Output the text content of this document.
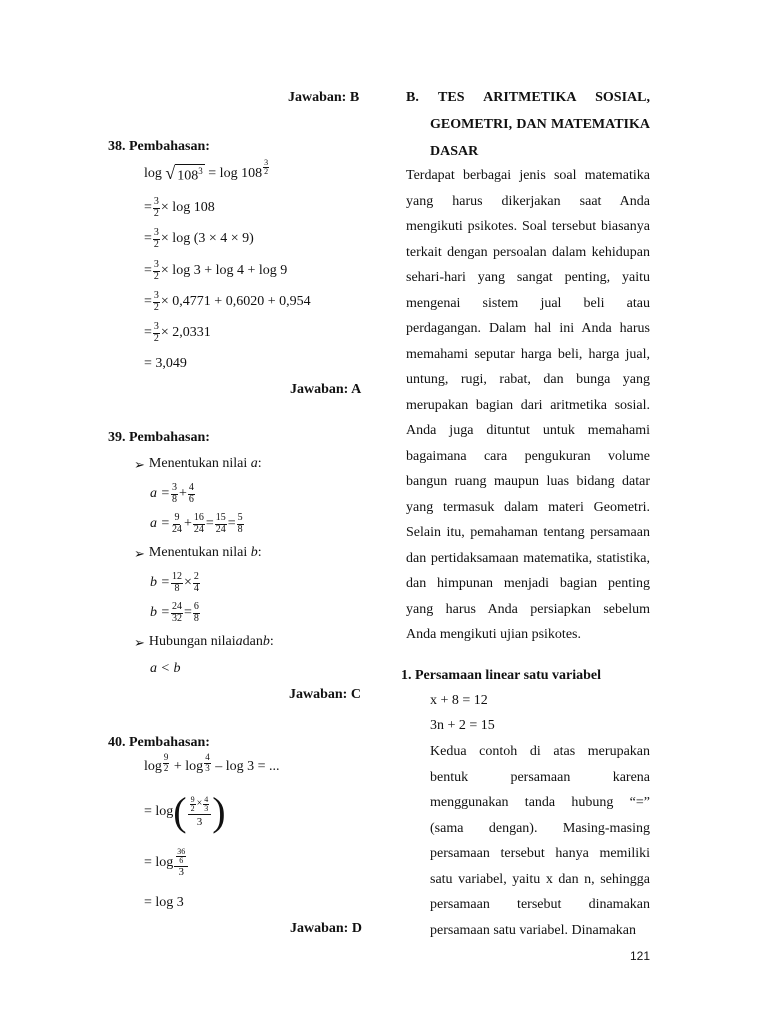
Jawaban: B
38. Pembahasan:
log
√ $108^3$
= $\log 108 \frac{3}{2}$
= $\frac{3}{2} \times \log 108$
= $\frac{3}{2} \times \log (3 \times 4 \times 9)$
= $\frac{3}{2} \times \log 3 + \log 4 + \log 9$
= $\frac{3}{2} \times 0,4771 + 0,6020 + 0,954$
= $\frac{3}{2} \times 2,0331$
= 3,049
Jawaban: A
39. Pembahasan:
➢ Menentukan nilai
a :
$a = \frac{3}{8} + \frac{4}{6}$
$a = \frac{9}{24} + \frac{16}{24} = \frac{15}{24} = \frac{5}{8}$
➢ Menentukan nilai
b :
$b = \frac{12}{8} \times \frac{2}{4}$
$b = \frac{24}{32} = \frac{6}{8}$
➢ Hubungan nilai a dan b :
a < b
Jawaban: C
40. Pembahasan:
$\log \frac{9}{2}$
+ $\log \frac{4}{3}$
– log 3 = ...
= log ( $\frac{\frac{9}{2} \times \frac{4}{3}}{3}$ )
= $\log \frac{\frac{36}{6}}{3}$
= log 3
Jawaban: D
B. TES ARITMETIKA SOSIAL,
GEOMETRI, DAN MATEMATIKA
DASAR
Terdapat berbagai jenis soal matematika
yang harus dikerjakan saat Anda
mengikuti psikotes. Soal tersebut biasanya
terkait dengan persoalan dalam kehidupan
sehari-hari yang sangat penting, yaitu
mengenai sistem jual beli atau
perdagangan. Dalam hal ini Anda harus
memahami seputar harga beli, harga jual,
untung, rugi, rabat, dan bunga yang
merupakan bagian dari aritmetika sosial.
Anda juga dituntut untuk memahami
bagaimana cara pengukuran volume
bangun ruang maupun luas bidang datar
yang termasuk dalam materi Geometri.
Selain itu, pemahaman tentang persamaan
dan pertidaksamaan matematika, statistika,
dan himpunan menjadi bagian penting
yang harus Anda persiapkan sebelum
Anda mengikuti ujian psikotes.
1. Persamaan linear satu variabel
x + 8 = 12
3n + 2 = 15
Kedua contoh di atas merupakan
bentuk persamaan karena
menggunakan tanda hubung “=”
(sama dengan). Masing-masing
persamaan tersebut hanya memiliki
satu variabel, yaitu x dan n, sehingga
persamaan tersebut dinamakan
persamaan satu variabel. Dinamakan
121
